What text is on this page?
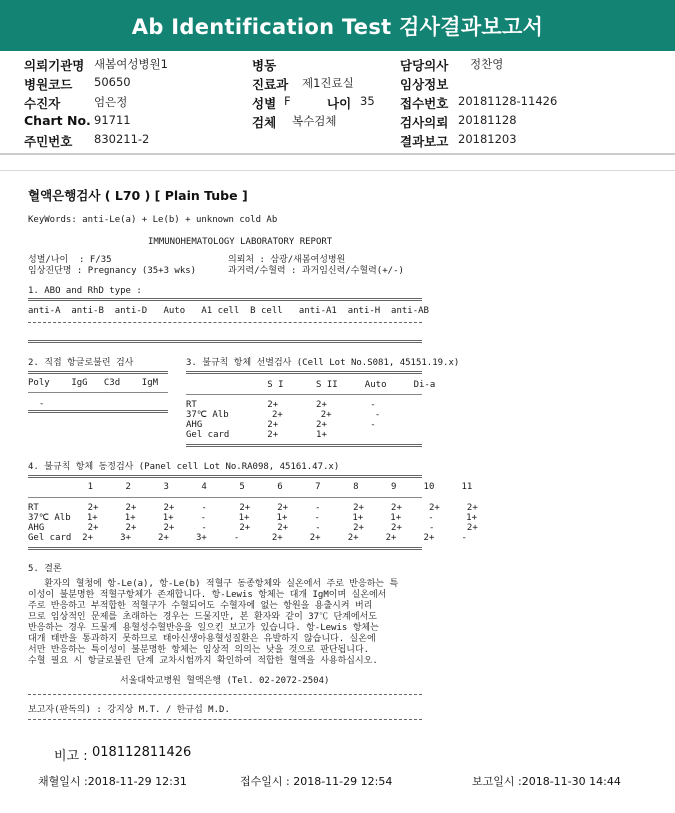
Ab Identification Test 검사결과보고서
의뢰기관명 새봄여성병원1	병동	담당의사 정찬영
병원코드 50650	진료과 제1진료실	임상정보
수진자	엄은정	성별 F	나이 35 접수번호 20181128-11426
Chart No. 91711	검체 복수검체	검사의뢰 20181128
주민번호 830211-2	결과보고 20181203
혈액은행검사 ( L70 ) [ Plain Tube ]
KeyWords: anti-Le(a) + Le(b) + unknown cold Ab
IMMUNOHEMATOLOGY LABORATORY REPORT
성별/나이  : F/35	의뢰처 : 삼광/새봄여성병원
임상진단명 : Pregnancy (35+3 wks)	과거력/수혈력 : 과거임신력/수혈력(+/-)
1. ABO and RhD type :
anti-A  anti-B  anti-D   Auto   A1 cell  B cell   anti-A1  anti-H  anti-AB
2. 직접 항글로불린 검사
Poly    IgG   C3d    IgM
-
3. 불규칙 항체 선별검사 (Cell Lot No.S081, 45151.19.x)
S I      S II     Auto     Di-a
RT             2+       2+        -
37℃ Alb        2+       2+        -
AHG            2+       2+        -
Gel card       2+       1+
4. 불규칙 항체 동정검사 (Panel cell Lot No.RA098, 45161.47.x)
1      2      3      4      5      6      7      8      9     10     11
RT         2+     2+     2+     -      2+     2+     -      2+     2+     2+     2+
37℃ Alb   1+     1+     1+     -      1+     1+     -      1+     1+     -      1+
AHG        2+     2+     2+     -      2+     2+     -      2+     2+     -      2+
Gel card  2+     3+     2+     3+     -      2+     2+     2+     2+     2+     -
5. 결론
환자의 혈청에 항-Le(a), 항-Le(b) 적혈구 동종항체와 실온에서 주로 반응하는 특
이성이 불분명한 적혈구항체가 존재합니다. 항-Lewis 항체는 대개 IgM이며 실온에서
주로 반응하고 부적합한 적혈구가 수혈되어도 수혈자에 없는 항원을 용출시켜 버리
므로 임상적인 문제를 초래하는 경우는 드물지만, 본 환자와 같이 37℃ 단계에서도
반응하는 경우 드물게 용혈성수혈반응을 일으킨 보고가 있습니다. 항-Lewis 항체는
대개 태반을 통과하지 못하므로 태아신생아용혈성질환은 유발하지 않습니다. 실온에
서만 반응하는 특이성이 불분명한 항체는 임상적 의의는 낮을 것으로 판단됩니다.
수혈 필요 시 항글로불린 단계 교차시험까지 확인하여 적합한 혈액을 사용하십시오.
서울대학교병원 혈액은행 (Tel. 02-2072-2504)
보고자(판독의) : 강지상 M.T. / 한규섭 M.D.
비고 : 018112811426
채혈일시 :2018-11-29 12:31	접수일시 : 2018-11-29 12:54	보고일시 :2018-11-30 14:44
